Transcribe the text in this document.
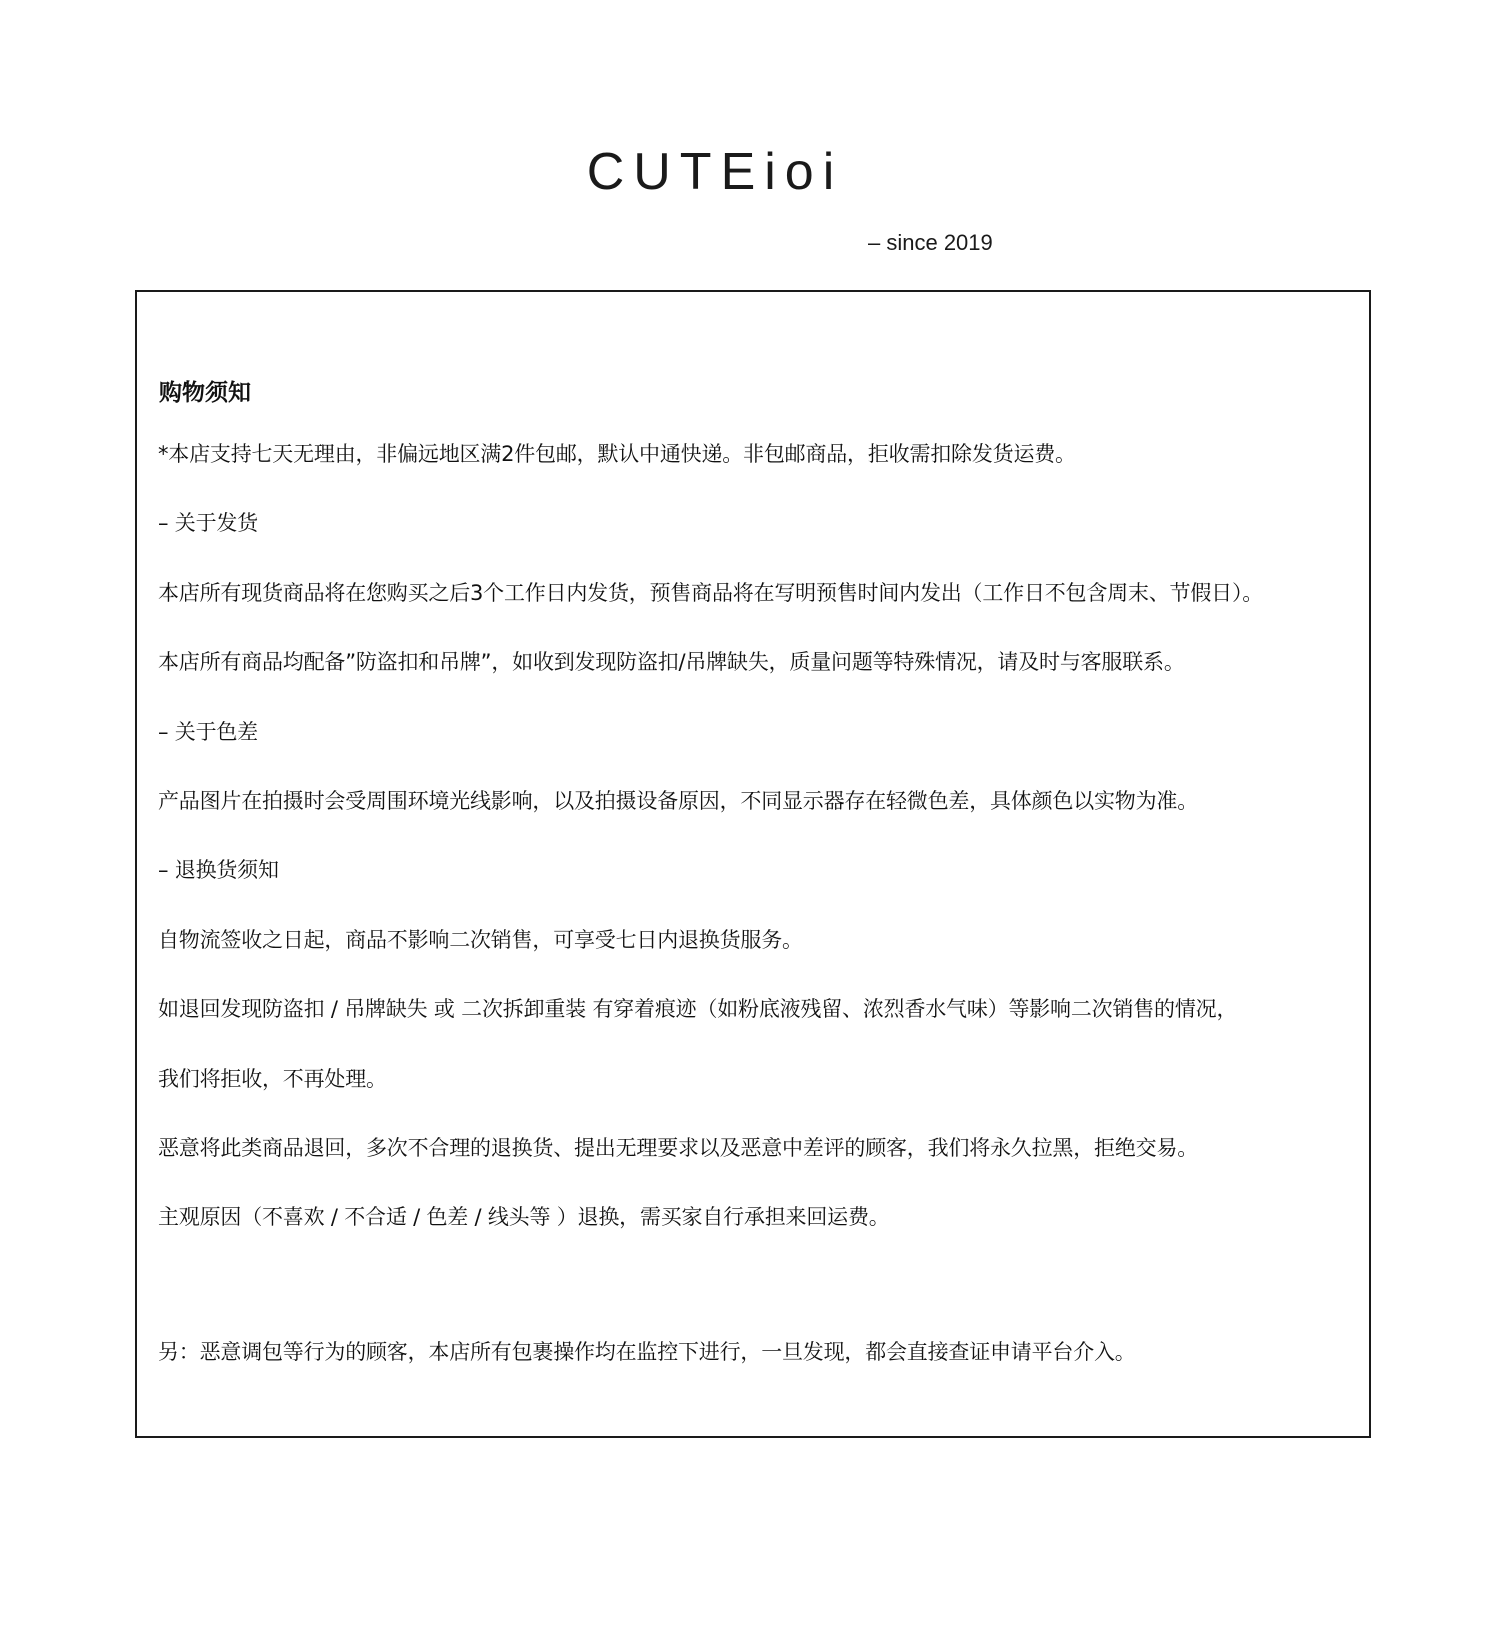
CUTEioi
– since 2019
购物须知
*本店支持七天无理由，非偏远地区满2件包邮，默认中通快递。非包邮商品，拒收需扣除发货运费。
– 关于发货
本店所有现货商品将在您购买之后3个工作日内发货，预售商品将在写明预售时间内发出（工作日不包含周末、节假日）。
本店所有商品均配备”防盗扣和吊牌”，如收到发现防盗扣/吊牌缺失，质量问题等特殊情况，请及时与客服联系。
– 关于色差
产品图片在拍摄时会受周围环境光线影响，以及拍摄设备原因，不同显示器存在轻微色差，具体颜色以实物为准。
– 退换货须知
自物流签收之日起，商品不影响二次销售，可享受七日内退换货服务。
如退回发现防盗扣 / 吊牌缺失 或 二次拆卸重装 有穿着痕迹（如粉底液残留、浓烈香水气味）等影响二次销售的情况，
我们将拒收，不再处理。
恶意将此类商品退回，多次不合理的退换货、提出无理要求以及恶意中差评的顾客，我们将永久拉黑，拒绝交易。
主观原因（不喜欢 / 不合适 / 色差 / 线头等 ）退换，需买家自行承担来回运费。
另：恶意调包等行为的顾客，本店所有包裹操作均在监控下进行，一旦发现，都会直接查证申请平台介入。
